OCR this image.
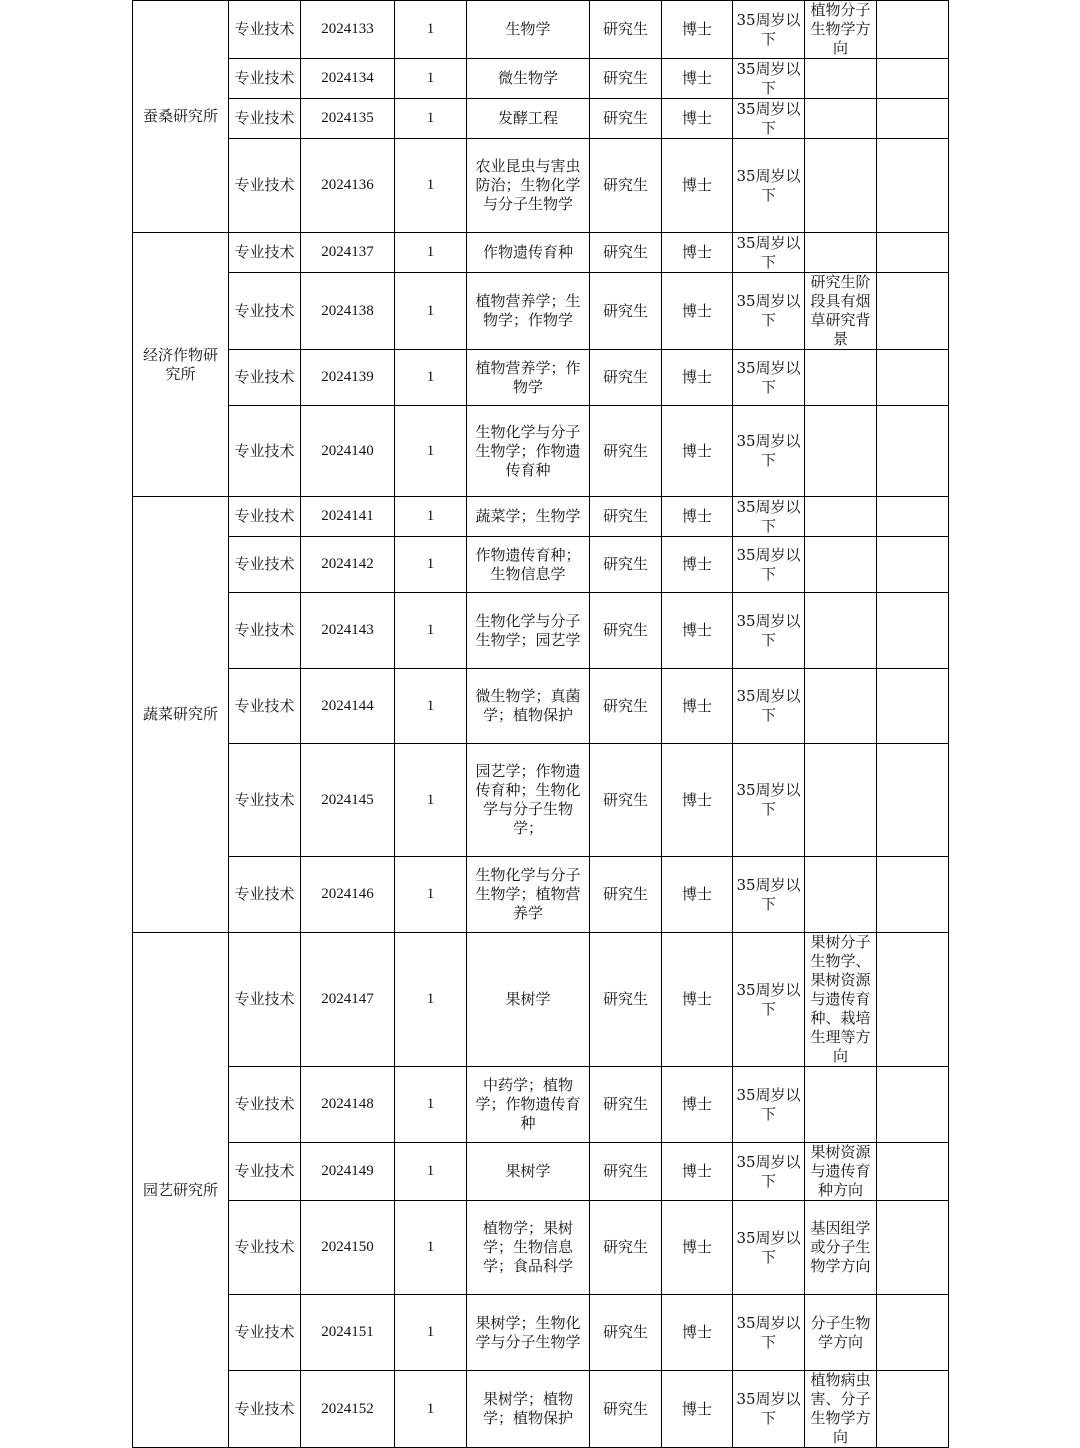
蚕桑研究所	专业技术	2024133	1	生物学	研究生	博士	35周岁以下	植物分子生物学方向	
	专业技术	2024134	1	微生物学	研究生	博士	35周岁以下		
	专业技术	2024135	1	发酵工程	研究生	博士	35周岁以下		
	专业技术	2024136	1	农业昆虫与害虫防治；生物化学与分子生物学	研究生	博士	35周岁以下		
经济作物研究所	专业技术	2024137	1	作物遗传育种	研究生	博士	35周岁以下		
	专业技术	2024138	1	植物营养学；生物学；作物学	研究生	博士	35周岁以下	研究生阶段具有烟草研究背景	
	专业技术	2024139	1	植物营养学；作物学	研究生	博士	35周岁以下		
	专业技术	2024140	1	生物化学与分子生物学；作物遗传育种	研究生	博士	35周岁以下		
蔬菜研究所	专业技术	2024141	1	蔬菜学；生物学	研究生	博士	35周岁以下		
	专业技术	2024142	1	作物遗传育种；生物信息学	研究生	博士	35周岁以下		
	专业技术	2024143	1	生物化学与分子生物学；园艺学	研究生	博士	35周岁以下		
	专业技术	2024144	1	微生物学；真菌学；植物保护	研究生	博士	35周岁以下		
	专业技术	2024145	1	园艺学；作物遗传育种；生物化学与分子生物学；	研究生	博士	35周岁以下		
	专业技术	2024146	1	生物化学与分子生物学；植物营养学	研究生	博士	35周岁以下		
园艺研究所	专业技术	2024147	1	果树学	研究生	博士	35周岁以下	果树分子生物学、果树资源与遗传育种、栽培生理等方向	
	专业技术	2024148	1	中药学；植物学；作物遗传育种	研究生	博士	35周岁以下		
	专业技术	2024149	1	果树学	研究生	博士	35周岁以下	果树资源与遗传育种方向	
	专业技术	2024150	1	植物学；果树学；生物信息学；食品科学	研究生	博士	35周岁以下	基因组学或分子生物学方向	
	专业技术	2024151	1	果树学；生物化学与分子生物学	研究生	博士	35周岁以下	分子生物学方向	
	专业技术	2024152	1	果树学；植物学；植物保护	研究生	博士	35周岁以下	植物病虫害、分子生物学方向	
